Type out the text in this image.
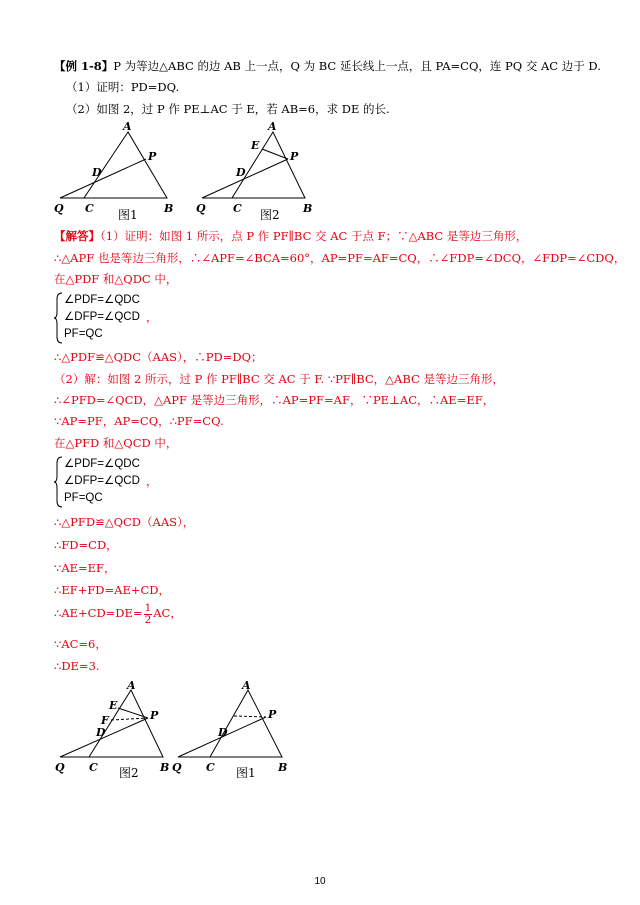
【例 1-8】P 为等边△ABC 的边 AB 上一点，Q 为 BC 延长线上一点，且 PA=CQ，连 PQ 交 AC 边于 D.
（1）证明：PD=DQ.
（2）如图 2，过 P 作 PE⊥AC 于 E，若 AB=6，求 DE 的长.
A
P
D
Q C	B
图1
A
E
P
D
Q C	B
图2
【解答】（1）证明：如图 1 所示，点 P 作 PF∥BC 交 AC 于点 F；∵△ABC 是等边三角形，
∴△APF 也是等边三角形，∴∠APF=∠BCA=60°，AP=PF=AF=CQ，∴∠FDP=∠DCQ，∠FDP=∠CDQ，
在△PDF 和△QDC 中，
∠PDF=∠QDC
∠DFP=∠QCD
PF=QC
，
∴△PDF≌△QDC（AAS），∴PD=DQ；
（2）解：如图 2 所示，过 P 作 PF∥BC 交 AC 于 F. ∵PF∥BC，△ABC 是等边三角形，
∴∠PFD=∠QCD，△APF 是等边三角形，∴AP=PF=AF，∵PE⊥AC，∴AE=EF，
∵AP=PF，AP=CQ，∴PF=CQ.
在△PFD 和△QCD 中，
∠PDF=∠QDC
∠DFP=∠QCD
PF=QC
，
∴△PFD≌△QCD（AAS），
∴FD=CD，
∵AE=EF，
∴EF+FD=AE+CD，
∴AE+CD=DE= $\frac{1}{2}$ AC，
∵AC=6，
∴DE=3.
A
E
P
F
D
Q C	B
图2
A
P
D
Q C	B
图1
10
